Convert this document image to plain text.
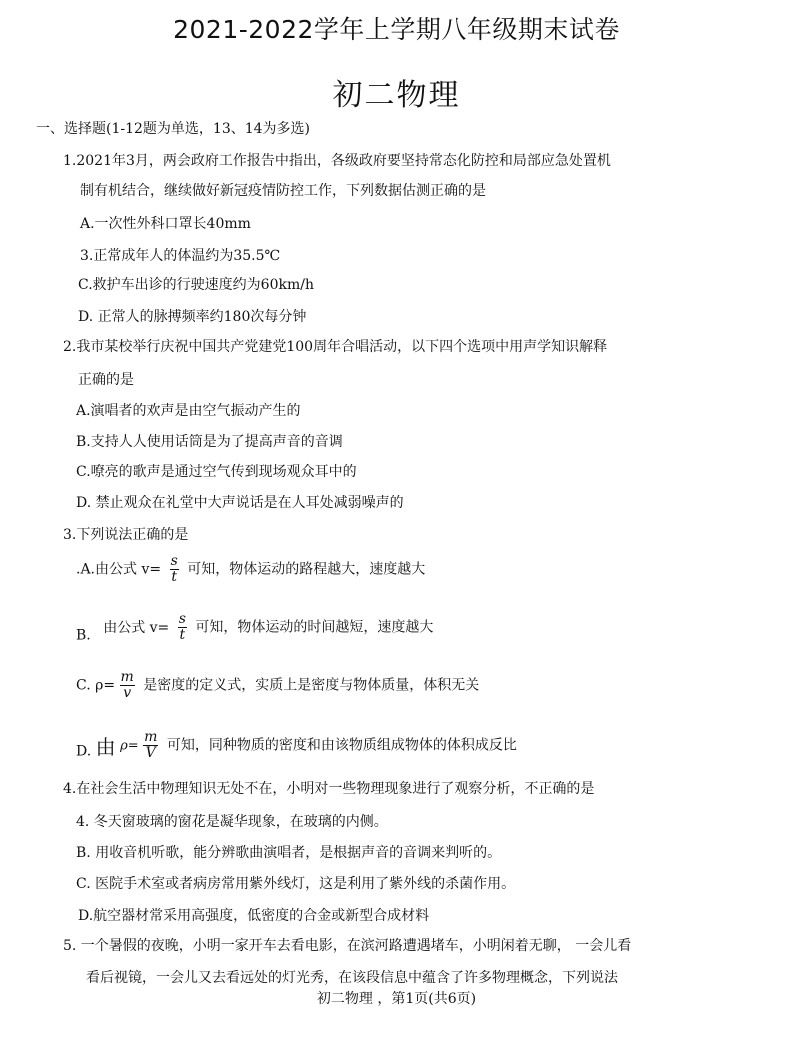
2021-2022学年上学期八年级期末试卷
初二物理
一、选择题(1-12题为单选，13、14为多选)
1.2021年3月，两会政府工作报告中指出，各级政府要坚持常态化防控和局部应急处置机
制有机结合，继续做好新冠疫情防控工作，下列数据估测正确的是
A.一次性外科口罩长40mm
3.正常成年人的体温约为35.5℃
C.救护车出诊的行驶速度约为60km/h
D. 正常人的脉搏频率约180次每分钟
2.我市某校举行庆祝中国共产党建党100周年合唱活动，以下四个选项中用声学知识解释
正确的是
A.演唱者的欢声是由空气振动产生的
B.支持人人使用话筒是为了提高声音的音调
C.嘹亮的歌声是通过空气传到现场观众耳中的
D. 禁止观众在礼堂中大声说话是在人耳处减弱噪声的
3.下列说法正确的是
.A.由公式 $v= \frac{s}{t}$ 可知，物体运动的路程越大，速度越大
B. 由公式 $v= \frac{s}{t}$ 可知，物体运动的时间越短，速度越大
C. $\rho= \frac{m}{v}$ 是密度的定义式，实质上是密度与物体质量，体积无关
D. 由 $\rho= \frac{m}{V}$ 可知，同种物质的密度和由该物质组成物体的体积成反比
4.在社会生活中物理知识无处不在，小明对一些物理现象进行了观察分析，不正确的是
4. 冬天窗玻璃的窗花是凝华现象，在玻璃的内侧。
B. 用收音机听歌，能分辨歌曲演唱者，是根据声音的音调来判听的。
C. 医院手术室或者病房常用紫外线灯，这是利用了紫外线的杀菌作用。
D.航空器材常采用高强度，低密度的合金或新型合成材料
5. 一个暑假的夜晚，小明一家开车去看电影，在滨河路遭遇堵车，小明闲着无聊， 一会儿看
看后视镜，一会儿又去看远处的灯光秀，在该段信息中蕴含了许多物理概念，下列说法
初二物理 ，第1页(共6页)
